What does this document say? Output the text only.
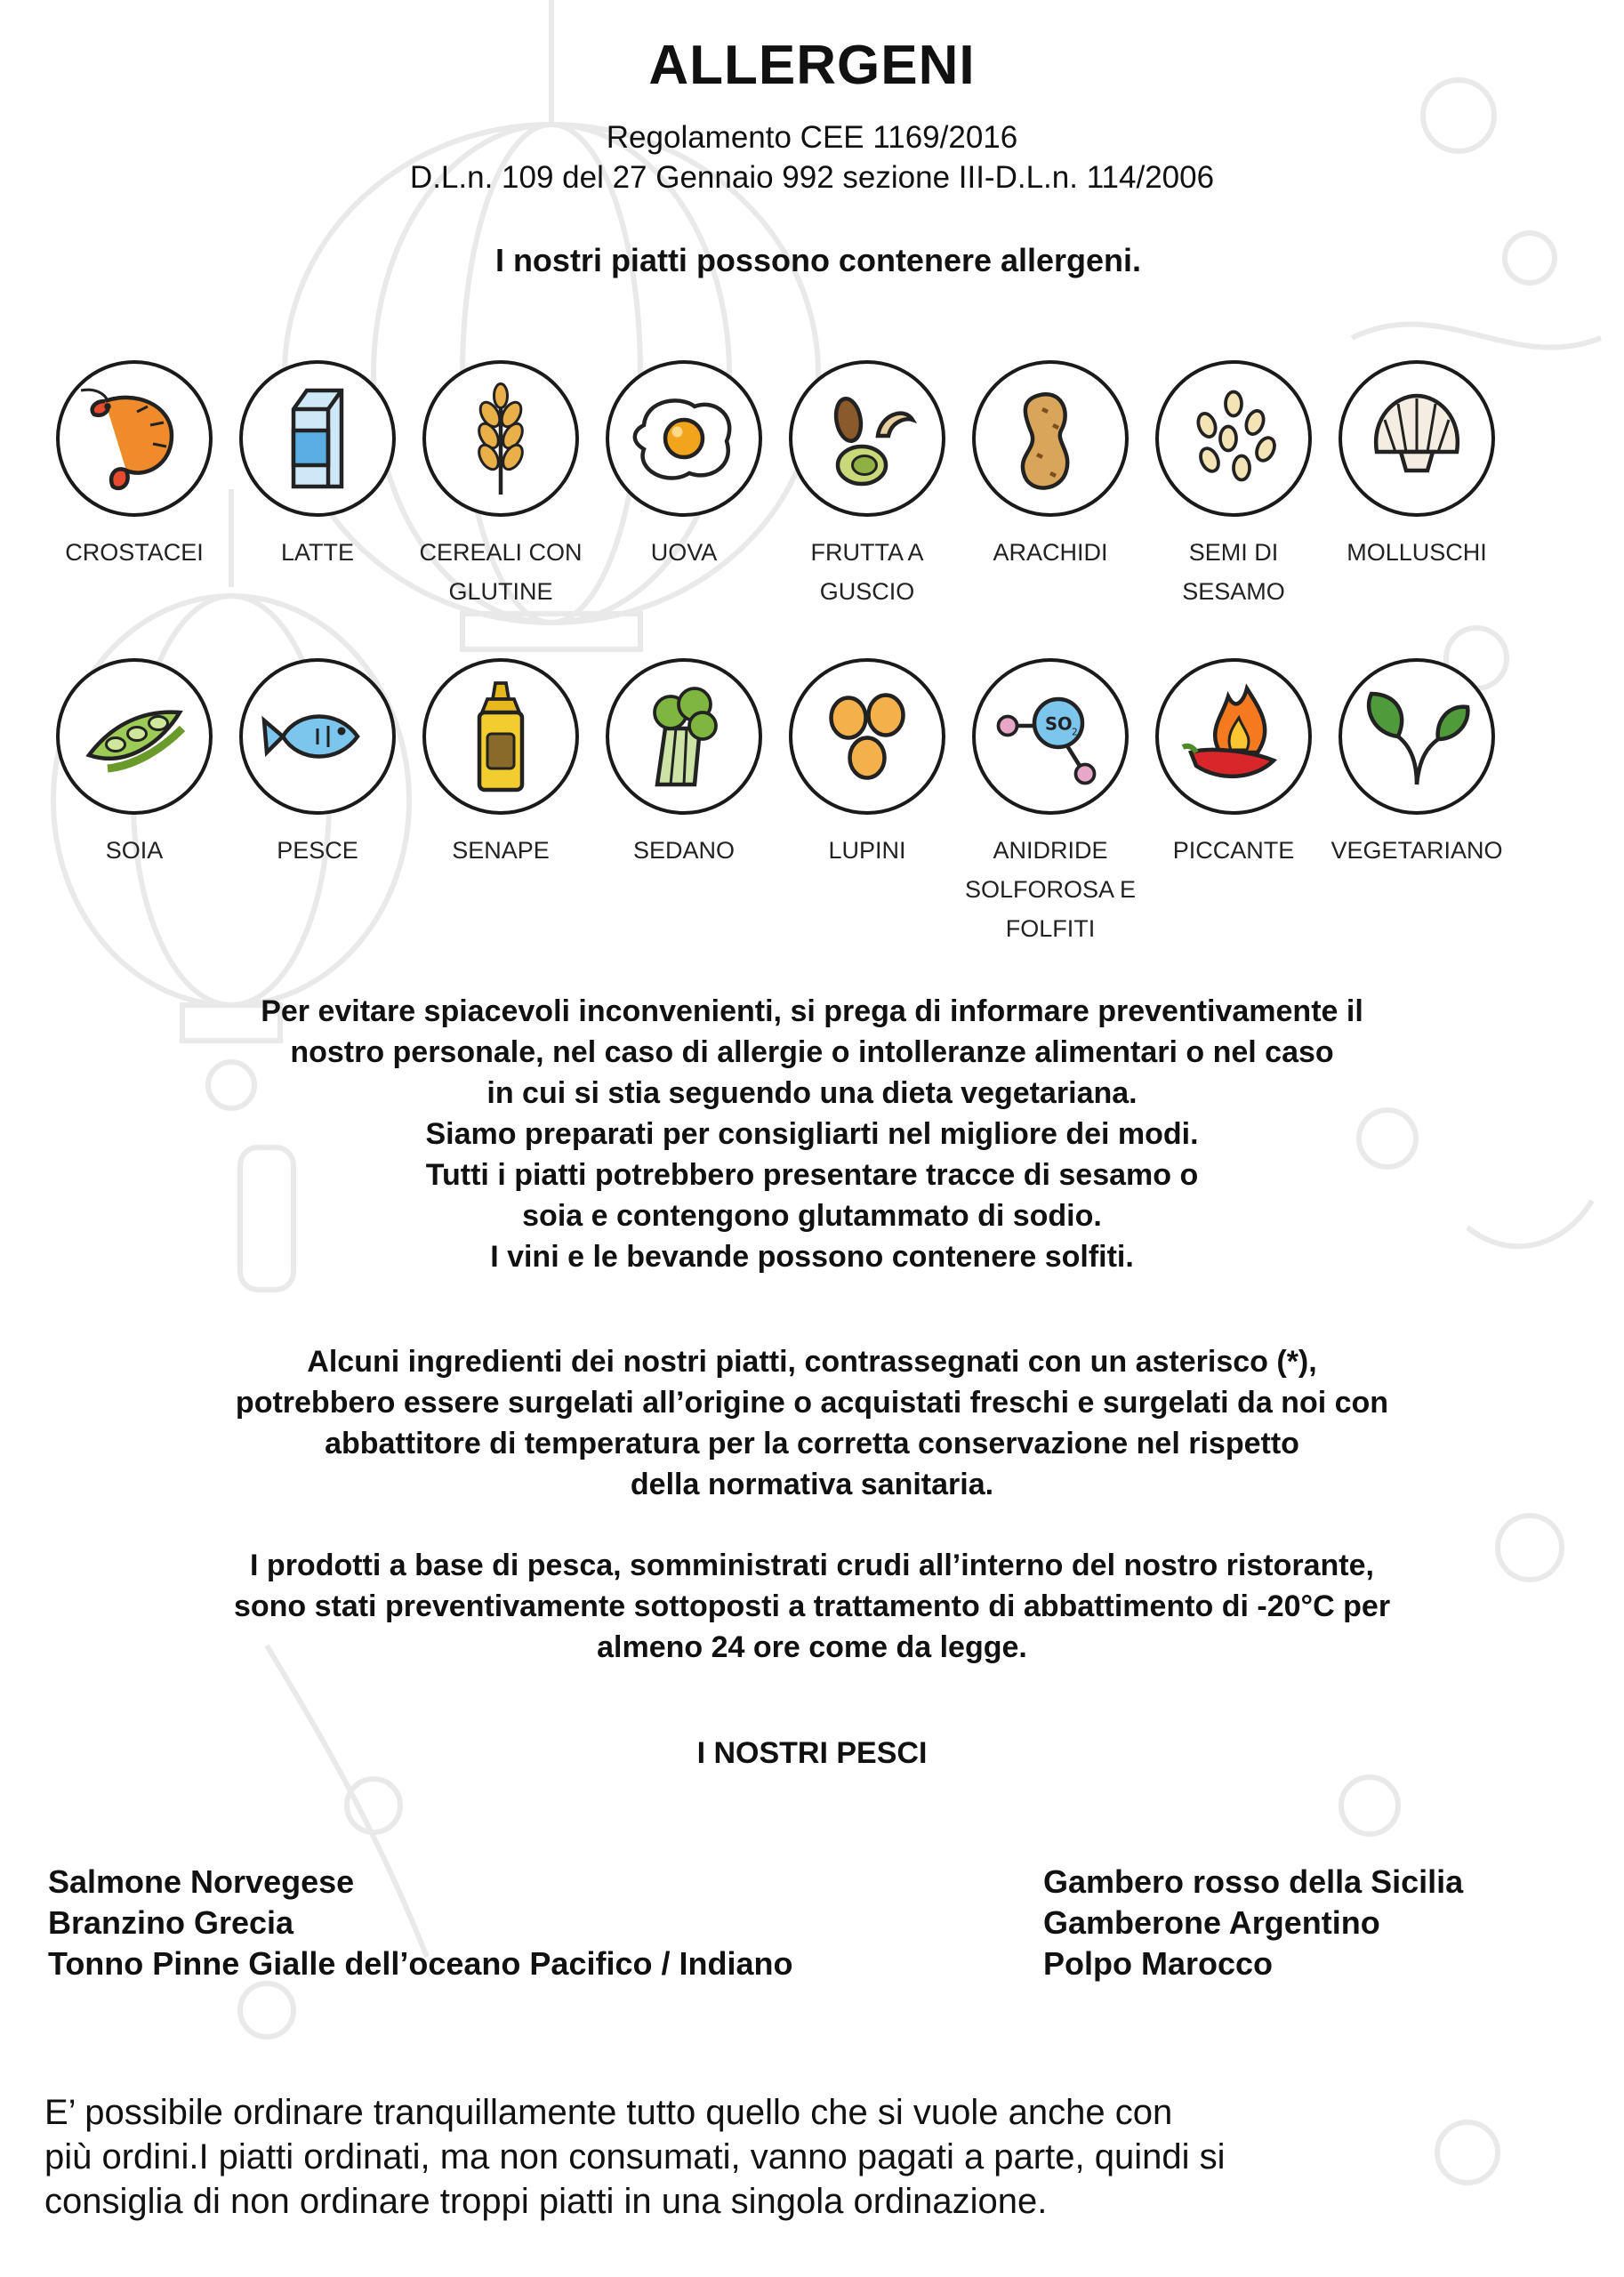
ALLERGENI
Regolamento CEE 1169/2016
D.L.n. 109 del 27 Gennaio 992 sezione III-D.L.n. 114/2006
I nostri piatti possono contenere allergeni.
CROSTACEI	LATTE	CEREALI CON
GLUTINE
UOVA	FRUTTA A
GUSCIO
ARACHIDI	SEMI DI
SESAMO
MOLLUSCHI
SOIA	PESCE	SENAPE	SEDANO	LUPINI
SO 2
ANIDRIDE
SOLFOROSA E
FOLFITI
PICCANTE	VEGETARIANO
Per evitare spiacevoli inconvenienti, si prega di informare preventivamente il
nostro personale, nel caso di allergie o intolleranze alimentari o nel caso
in cui si stia seguendo una dieta vegetariana.
Siamo preparati per consigliarti nel migliore dei modi.
Tutti i piatti potrebbero presentare tracce di sesamo o
soia e contengono glutammato di sodio.
I vini e le bevande possono contenere solfiti.
Alcuni ingredienti dei nostri piatti, contrassegnati con un asterisco (*),
potrebbero essere surgelati all’origine o acquistati freschi e surgelati da noi con
abbattitore di temperatura per la corretta conservazione nel rispetto
della normativa sanitaria.
I prodotti a base di pesca, somministrati crudi all’interno del nostro ristorante,
sono stati preventivamente sottoposti a trattamento di abbattimento di -20°C per
almeno 24 ore come da legge.
I NOSTRI PESCI
Salmone Norvegese
Branzino Grecia
Tonno Pinne Gialle dell’oceano Pacifico / Indiano
Gambero rosso della Sicilia
Gamberone Argentino
Polpo Marocco
E’ possibile ordinare tranquillamente tutto quello che si vuole anche con
più ordini.I piatti ordinati, ma non consumati, vanno pagati a parte, quindi si
consiglia di non ordinare troppi piatti in una singola ordinazione.
